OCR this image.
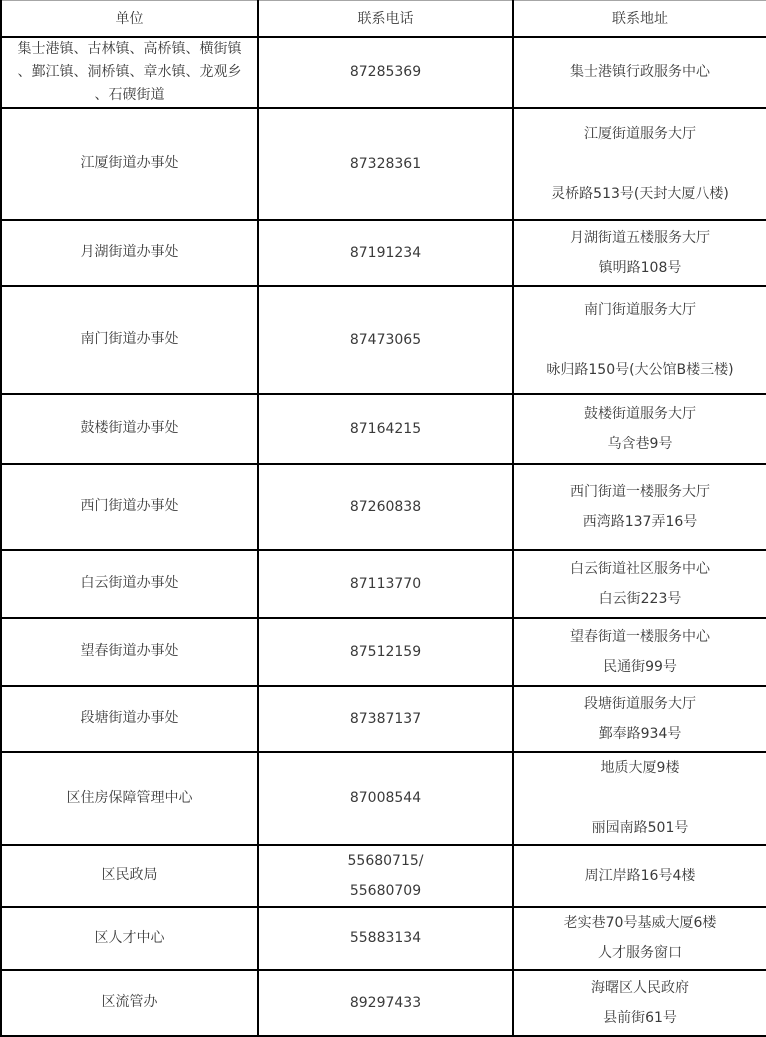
单位	联系电话	联系地址

集士港镇、古林镇、高桥镇、横街镇
、鄞江镇、洞桥镇、章水镇、龙观乡
、石碶街道	87285369	集士港镇行政服务中心

江厦街道办事处	87328361	江厦街道服务大厅

灵桥路513号(天封大厦八楼)

月湖街道办事处	87191234	月湖街道五楼服务大厅
镇明路108号

南门街道办事处	87473065	南门街道服务大厅

咏归路150号(大公馆B楼三楼)

鼓楼街道办事处	87164215	鼓楼街道服务大厅
乌含巷9号

西门街道办事处	87260838	西门街道一楼服务大厅
西湾路137弄16号

白云街道办事处	87113770	白云街道社区服务中心
白云街223号

望春街道办事处	87512159	望春街道一楼服务中心
民通街99号

段塘街道办事处	87387137	段塘街道服务大厅
鄞奉路934号

区住房保障管理中心	87008544	地质大厦9楼

丽园南路501号

区民政局	55680715/
55680709	周江岸路16号4楼

区人才中心	55883134	老实巷70号基威大厦6楼
人才服务窗口

区流管办	89297433	海曙区人民政府
县前街61号
